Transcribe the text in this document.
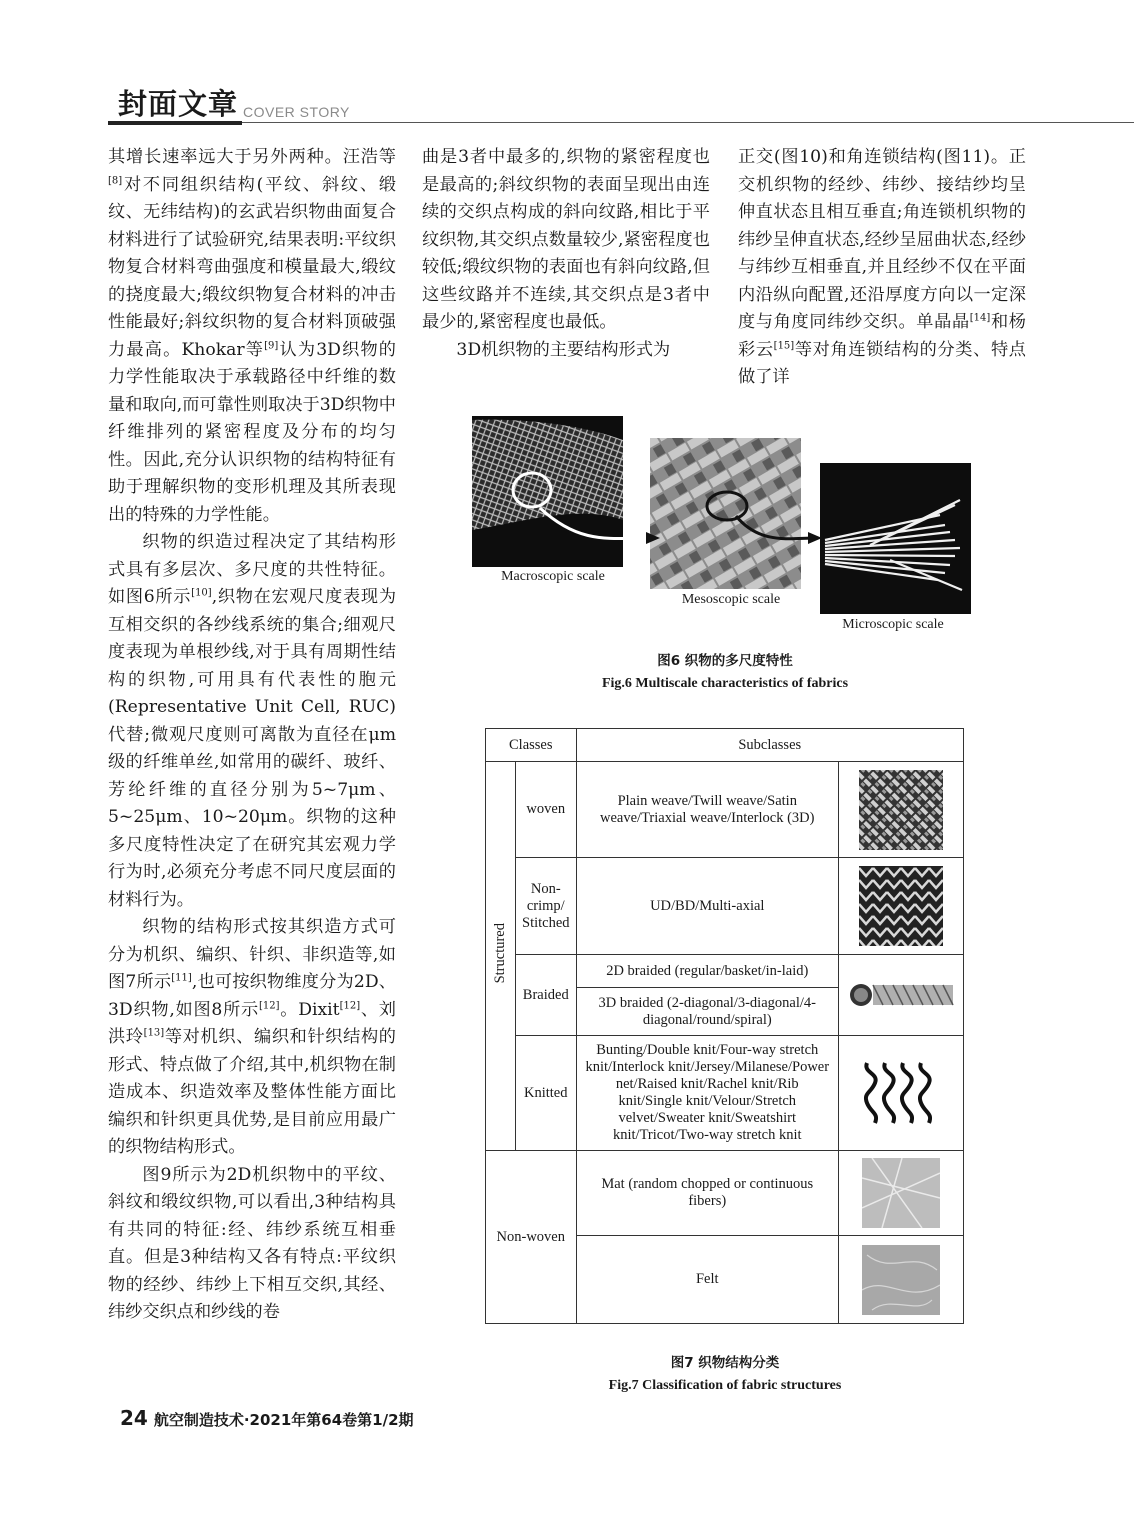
封面文章 COVER STORY

其增长速率远大于另外两种。汪浩等[8]对不同组织结构(平纹、斜纹、缎纹、无纬结构)的玄武岩织物曲面复合材料进行了试验研究,结果表明:平纹织物复合材料弯曲强度和模量最大,缎纹的挠度最大;缎纹织物复合材料的冲击性能最好;斜纹织物的复合材料顶破强力最高。Khokar等[9]认为3D织物的力学性能取决于承载路径中纤维的数量和取向,而可靠性则取决于3D织物中纤维排列的紧密程度及分布的均匀性。因此,充分认识织物的结构特征有助于理解织物的变形机理及其所表现出的特殊的力学性能。

织物的织造过程决定了其结构形式具有多层次、多尺度的共性特征。如图6所示[10],织物在宏观尺度表现为互相交织的各纱线系统的集合;细观尺度表现为单根纱线,对于具有周期性结构的织物,可用具有代表性的胞元(Representative Unit Cell, RUC)代替;微观尺度则可离散为直径在μm级的纤维单丝,如常用的碳纤、玻纤、芳纶纤维的直径分别为5~7μm、5~25μm、10~20μm。织物的这种多尺度特性决定了在研究其宏观力学行为时,必须充分考虑不同尺度层面的材料行为。

织物的结构形式按其织造方式可分为机织、编织、针织、非织造等,如图7所示[11],也可按织物维度分为2D、3D织物,如图8所示[12]。Dixit[12]、刘洪玲[13]等对机织、编织和针织结构的形式、特点做了介绍,其中,机织物在制造成本、织造效率及整体性能方面比编织和针织更具优势,是目前应用最广的织物结构形式。

图9所示为2D机织物中的平纹、斜纹和缎纹织物,可以看出,3种结构具有共同的特征:经、纬纱系统互相垂直。但是3种结构又各有特点:平纹织物的经纱、纬纱上下相互交织,其经、纬纱交织点和纱线的卷

曲是3者中最多的,织物的紧密程度也是最高的;斜纹织物的表面呈现出由连续的交织点构成的斜向纹路,相比于平纹织物,其交织点数量较少,紧密程度也较低;缎纹织物的表面也有斜向纹路,但这些纹路并不连续,其交织点是3者中最少的,紧密程度也最低。

3D机织物的主要结构形式为

正交(图10)和角连锁结构(图11)。正交机织物的经纱、纬纱、接结纱均呈伸直状态且相互垂直;角连锁机织物的纬纱呈伸直状态,经纱呈屈曲状态,经纱与纬纱互相垂直,并且经纱不仅在平面内沿纵向配置,还沿厚度方向以一定深度与角度同纬纱交织。单晶晶[14]和杨彩云[15]等对角连锁结构的分类、特点做了详

Macroscopic scale
Mesoscopic scale
Microscopic scale
图6 织物的多尺度特性
Fig.6 Multiscale characteristics of fabrics
Classes		Subclasses	
Structured	woven	Plain weave/Twill weave/Satin weave/Triaxial weave/Interlock (3D)	

	Non-crimp/ Stitched	UD/BD/Multi-axial	

	Braided	2D braided (regular/basket/in-laid)	

		3D braided (2-diagonal/3-diagonal/4-diagonal/round/spiral)	
	Knitted	Bunting/Double knit/Four-way stretch knit/Interlock knit/Jersey/Milanese/Power net/Raised knit/Rachel knit/Rib knit/Single knit/Velour/Stretch velvet/Sweater knit/Sweatshirt knit/Tricot/Two-way stretch knit	

Non-woven		Mat (random chopped or continuous fibers)	

		Felt	
图7 织物结构分类
Fig.7 Classification of fabric structures
24 航空制造技术·2021年第64卷第1/2期
